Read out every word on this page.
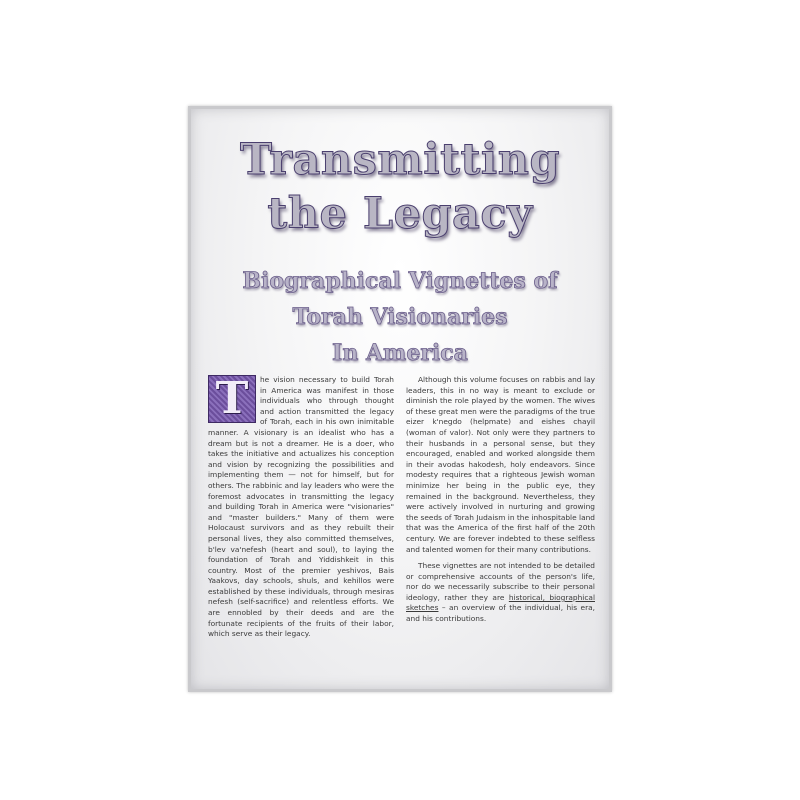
Transmitting
the Legacy
Biographical Vignettes of
Torah Visionaries
In America
T	he vision necessary to build Torah in America was manifest in those individuals who through thought and action transmitted the legacy of Torah, each in his own inimitable manner. A visionary is an idealist who has a dream but is not a dreamer. He is a doer, who takes the initiative and actualizes his conception and vision by recognizing the possibilities and implementing them — not for himself, but for others. The rabbinic and lay leaders who were the foremost advocates in transmitting the legacy and building Torah in America were "visionaries" and "master builders." Many of them were Holocaust survivors and as they rebuilt their personal lives, they also committed themselves, b'lev va'nefesh (heart and soul), to laying the foundation of Torah and Yiddishkeit in this country. Most of the premier yeshivos, Bais Yaakovs, day schools, shuls, and kehillos were established by these individuals, through mesiras nefesh (self-sacrifice) and relentless efforts. We are ennobled by their deeds and are the fortunate recipients of the fruits of their labor, which serve as their legacy.

Although this volume focuses on rabbis and lay leaders, this in no way is meant to exclude or diminish the role played by the women. The wives of these great men were the paradigms of the true eizer k'negdo (helpmate) and eishes chayil (woman of valor). Not only were they partners to their husbands in a personal sense, but they encouraged, enabled and worked alongside them in their avodas hakodesh, holy endeavors. Since modesty requires that a righteous Jewish woman minimize her being in the public eye, they remained in the background. Nevertheless, they were actively involved in nurturing and growing the seeds of Torah Judaism in the inhospitable land that was the America of the first half of the 20th century. We are forever indebted to these selfless and talented women for their many contributions.

These vignettes are not intended to be detailed or comprehensive accounts of the person's life, nor do we necessarily subscribe to their personal ideology, rather they are historical, biographical sketches – an overview of the individual, his era, and his contributions.
